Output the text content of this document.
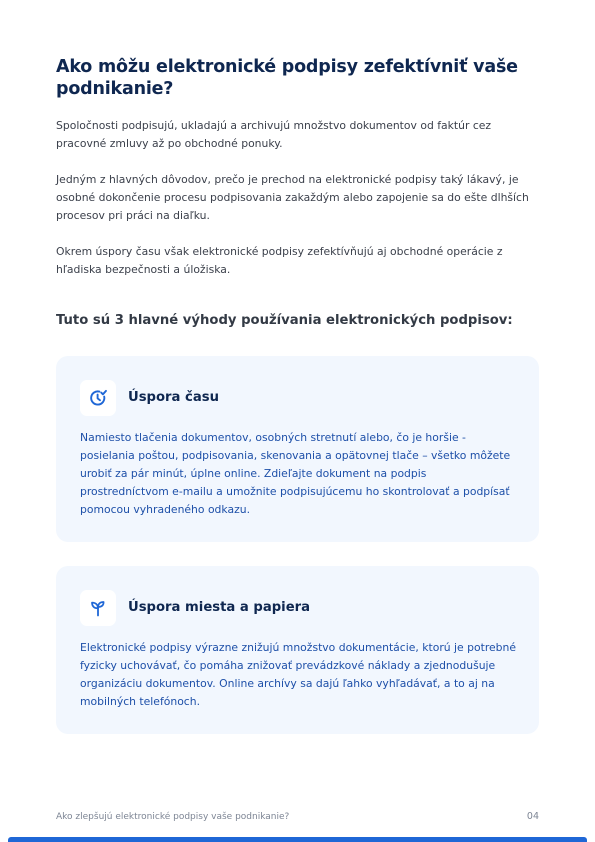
Ako môžu elektronické podpisy zefektívniť vaše podnikanie?

Spoločnosti podpisujú, ukladajú a archivujú množstvo dokumentov od faktúr cez pracovné zmluvy až po obchodné ponuky.

Jedným z hlavných dôvodov, prečo je prechod na elektronické podpisy taký lákavý, je osobné dokončenie procesu podpisovania zakaždým alebo zapojenie sa do ešte dlhších procesov pri práci na diaľku.

Okrem úspory času však elektronické podpisy zefektívňujú aj obchodné operácie z hľadiska bezpečnosti a úložiska.

Tuto sú 3 hlavné výhody používania elektronických podpisov:
Úspora času

Namiesto tlačenia dokumentov, osobných stretnutí alebo, čo je horšie - posielania poštou, podpisovania, skenovania a opätovnej tlače – všetko môžete urobiť za pár minút, úplne online. Zdieľajte dokument na podpis prostredníctvom e-mailu a umožnite podpisujúcemu ho skontrolovať a podpísať pomocou vyhradeného odkazu.

Úspora miesta a papiera

Elektronické podpisy výrazne znižujú množstvo dokumentácie, ktorú je potrebné fyzicky uchovávať, čo pomáha znižovať prevádzkové náklady a zjednodušuje organizáciu dokumentov. Online archívy sa dajú ľahko vyhľadávať, a to aj na mobilných telefónoch.

Ako zlepšujú elektronické podpisy vaše podnikanie?	04
